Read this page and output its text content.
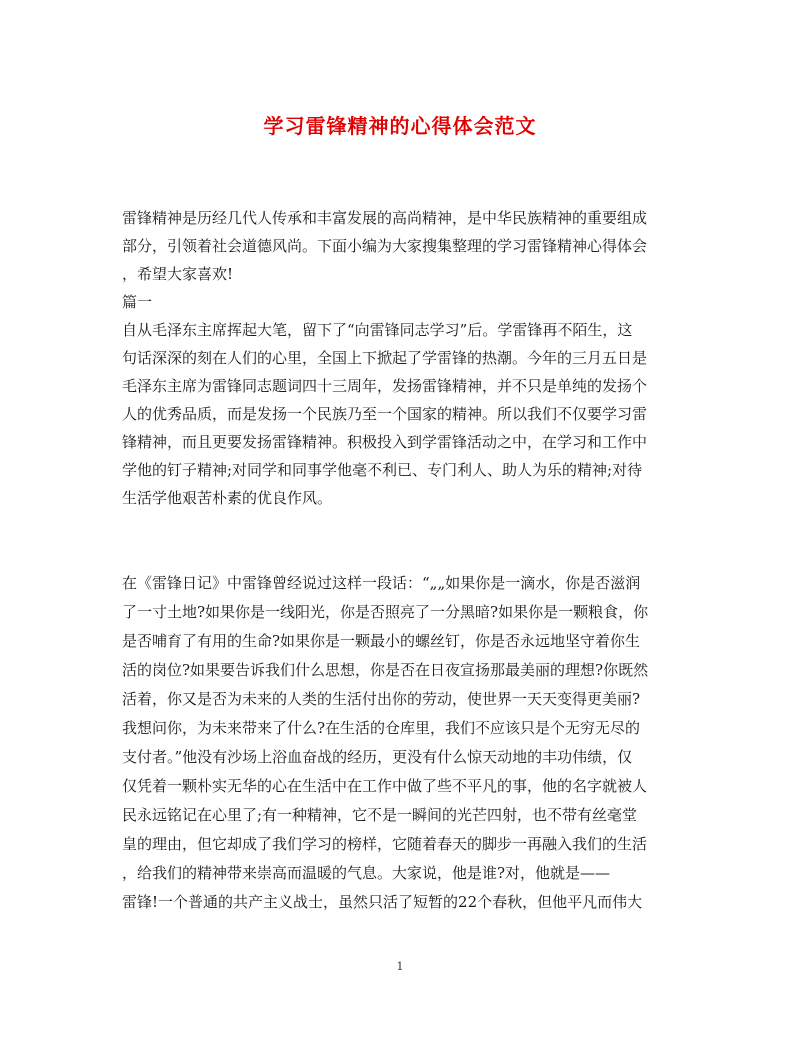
学习雷锋精神的心得体会范文
雷锋精神是历经几代人传承和丰富发展的高尚精神，是中华民族精神的重要组成
部分，引领着社会道德风尚。下面小编为大家搜集整理的学习雷锋精神心得体会
，希望大家喜欢!
篇一
自从毛泽东主席挥起大笔，留下了“向雷锋同志学习”后。学雷锋再不陌生，这
句话深深的刻在人们的心里，全国上下掀起了学雷锋的热潮。今年的三月五日是
毛泽东主席为雷锋同志题词四十三周年，发扬雷锋精神，并不只是单纯的发扬个
人的优秀品质，而是发扬一个民族乃至一个国家的精神。所以我们不仅要学习雷
锋精神，而且更要发扬雷锋精神。积极投入到学雷锋活动之中，在学习和工作中
学他的钉子精神;对同学和同事学他毫不利已、专门利人、助人为乐的精神;对待
生活学他艰苦朴素的优良作风。
在《雷锋日记》中雷锋曾经说过这样一段话：“„„如果你是一滴水，你是否滋润
了一寸土地?如果你是一线阳光，你是否照亮了一分黑暗?如果你是一颗粮食，你
是否哺育了有用的生命?如果你是一颗最小的螺丝钉，你是否永远地坚守着你生
活的岗位?如果要告诉我们什么思想，你是否在日夜宣扬那最美丽的理想?你既然
活着，你又是否为未来的人类的生活付出你的劳动，使世界一天天变得更美丽?
我想问你，为未来带来了什么?在生活的仓库里，我们不应该只是个无穷无尽的
支付者。”他没有沙场上浴血奋战的经历，更没有什么惊天动地的丰功伟绩，仅
仅凭着一颗朴实无华的心在生活中在工作中做了些不平凡的事，他的名字就被人
民永远铭记在心里了;有一种精神，它不是一瞬间的光芒四射，也不带有丝毫堂
皇的理由，但它却成了我们学习的榜样，它随着春天的脚步一再融入我们的生活
，给我们的精神带来崇高而温暖的气息。大家说，他是谁?对，他就是——
雷锋!一个普通的共产主义战士，虽然只活了短暂的22个春秋，但他平凡而伟大
1
